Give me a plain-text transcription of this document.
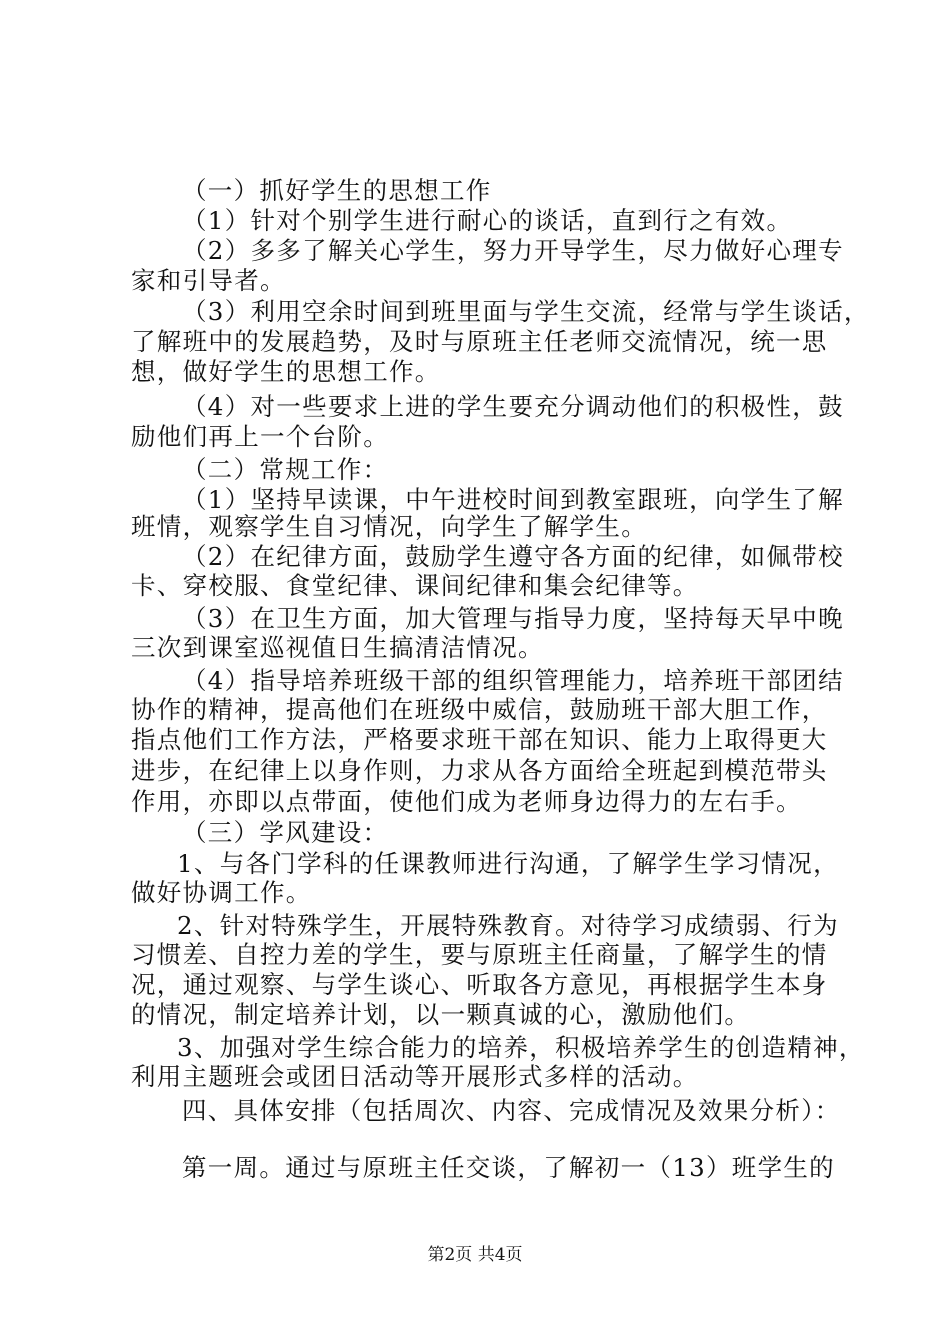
（一）抓好学生的思想工作
（1）针对个别学生进行耐心的谈话，直到行之有效。
（2）多多了解关心学生，努力开导学生，尽力做好心理专
家和引导者。
（3）利用空余时间到班里面与学生交流，经常与学生谈话，
了解班中的发展趋势，及时与原班主任老师交流情况，统一思
想，做好学生的思想工作。
（4）对一些要求上进的学生要充分调动他们的积极性，鼓
励他们再上一个台阶。
（二）常规工作：
（1）坚持早读课，中午进校时间到教室跟班，向学生了解
班情，观察学生自习情况，向学生了解学生。
（2）在纪律方面，鼓励学生遵守各方面的纪律，如佩带校
卡、穿校服、食堂纪律、课间纪律和集会纪律等。
（3）在卫生方面，加大管理与指导力度，坚持每天早中晚
三次到课室巡视值日生搞清洁情况。
（4）指导培养班级干部的组织管理能力，培养班干部团结
协作的精神，提高他们在班级中威信，鼓励班干部大胆工作，
指点他们工作方法，严格要求班干部在知识、能力上取得更大
进步，在纪律上以身作则，力求从各方面给全班起到模范带头
作用，亦即以点带面，使他们成为老师身边得力的左右手。
（三）学风建设：
1、与各门学科的任课教师进行沟通，了解学生学习情况，
做好协调工作。
2、针对特殊学生，开展特殊教育。对待学习成绩弱、行为
习惯差、自控力差的学生，要与原班主任商量，了解学生的情
况，通过观察、与学生谈心、听取各方意见，再根据学生本身
的情况，制定培养计划，以一颗真诚的心，激励他们。
3、加强对学生综合能力的培养，积极培养学生的创造精神，
利用主题班会或团日活动等开展形式多样的活动。
四、具体安排（包括周次、内容、完成情况及效果分析）：
第一周。通过与原班主任交谈，了解初一（13）班学生的
第2页 共4页
